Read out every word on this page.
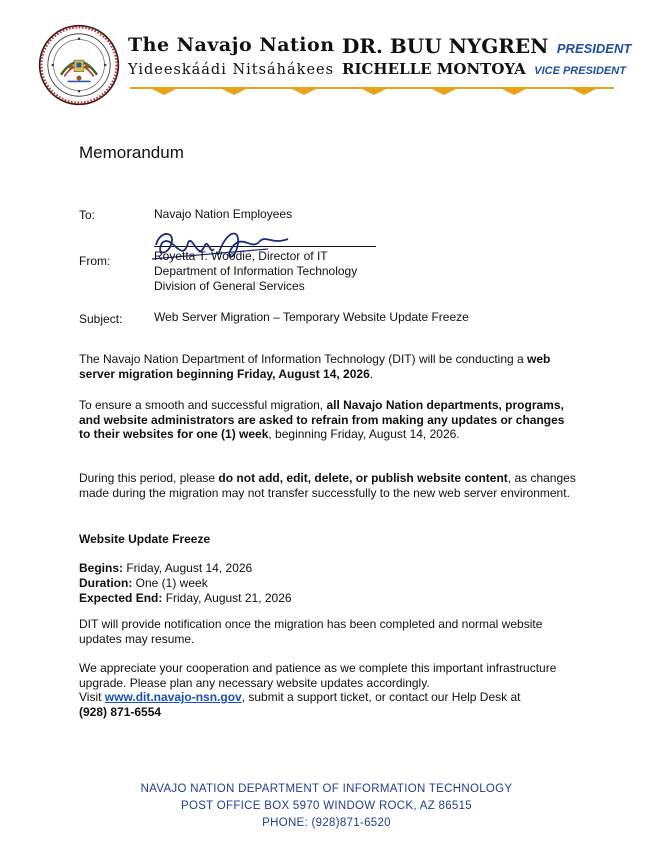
The Navajo Nation
Yideeskáádi Nitsáhákees
DR. BUU NYGREN PRESIDENT
RICHELLE MONTOYA VICE PRESIDENT
Memorandum
To:	Navajo Nation Employees
From:	Royetta T. Woodie, Director of IT
Department of Information Technology
Division of General Services
Subject:	Web Server Migration – Temporary Website Update Freeze
The Navajo Nation Department of Information Technology (DIT) will be conducting a web server migration beginning Friday, August 14, 2026.
To ensure a smooth and successful migration, all Navajo Nation departments, programs, and website administrators are asked to refrain from making any updates or changes to their websites for one (1) week, beginning Friday, August 14, 2026.
During this period, please do not add, edit, delete, or publish website content, as changes made during the migration may not transfer successfully to the new web server environment.
Website Update Freeze
Begins: Friday, August 14, 2026
Duration: One (1) week
Expected End: Friday, August 21, 2026
DIT will provide notification once the migration has been completed and normal website updates may resume.
We appreciate your cooperation and patience as we complete this important infrastructure upgrade. Please plan any necessary website updates accordingly.
Visit www.dit.navajo-nsn.gov, submit a support ticket, or contact our Help Desk at
(928) 871-6554
NAVAJO NATION DEPARTMENT OF INFORMATION TECHNOLOGY
POST OFFICE BOX 5970 WINDOW ROCK, AZ 86515
PHONE: (928)871-6520
